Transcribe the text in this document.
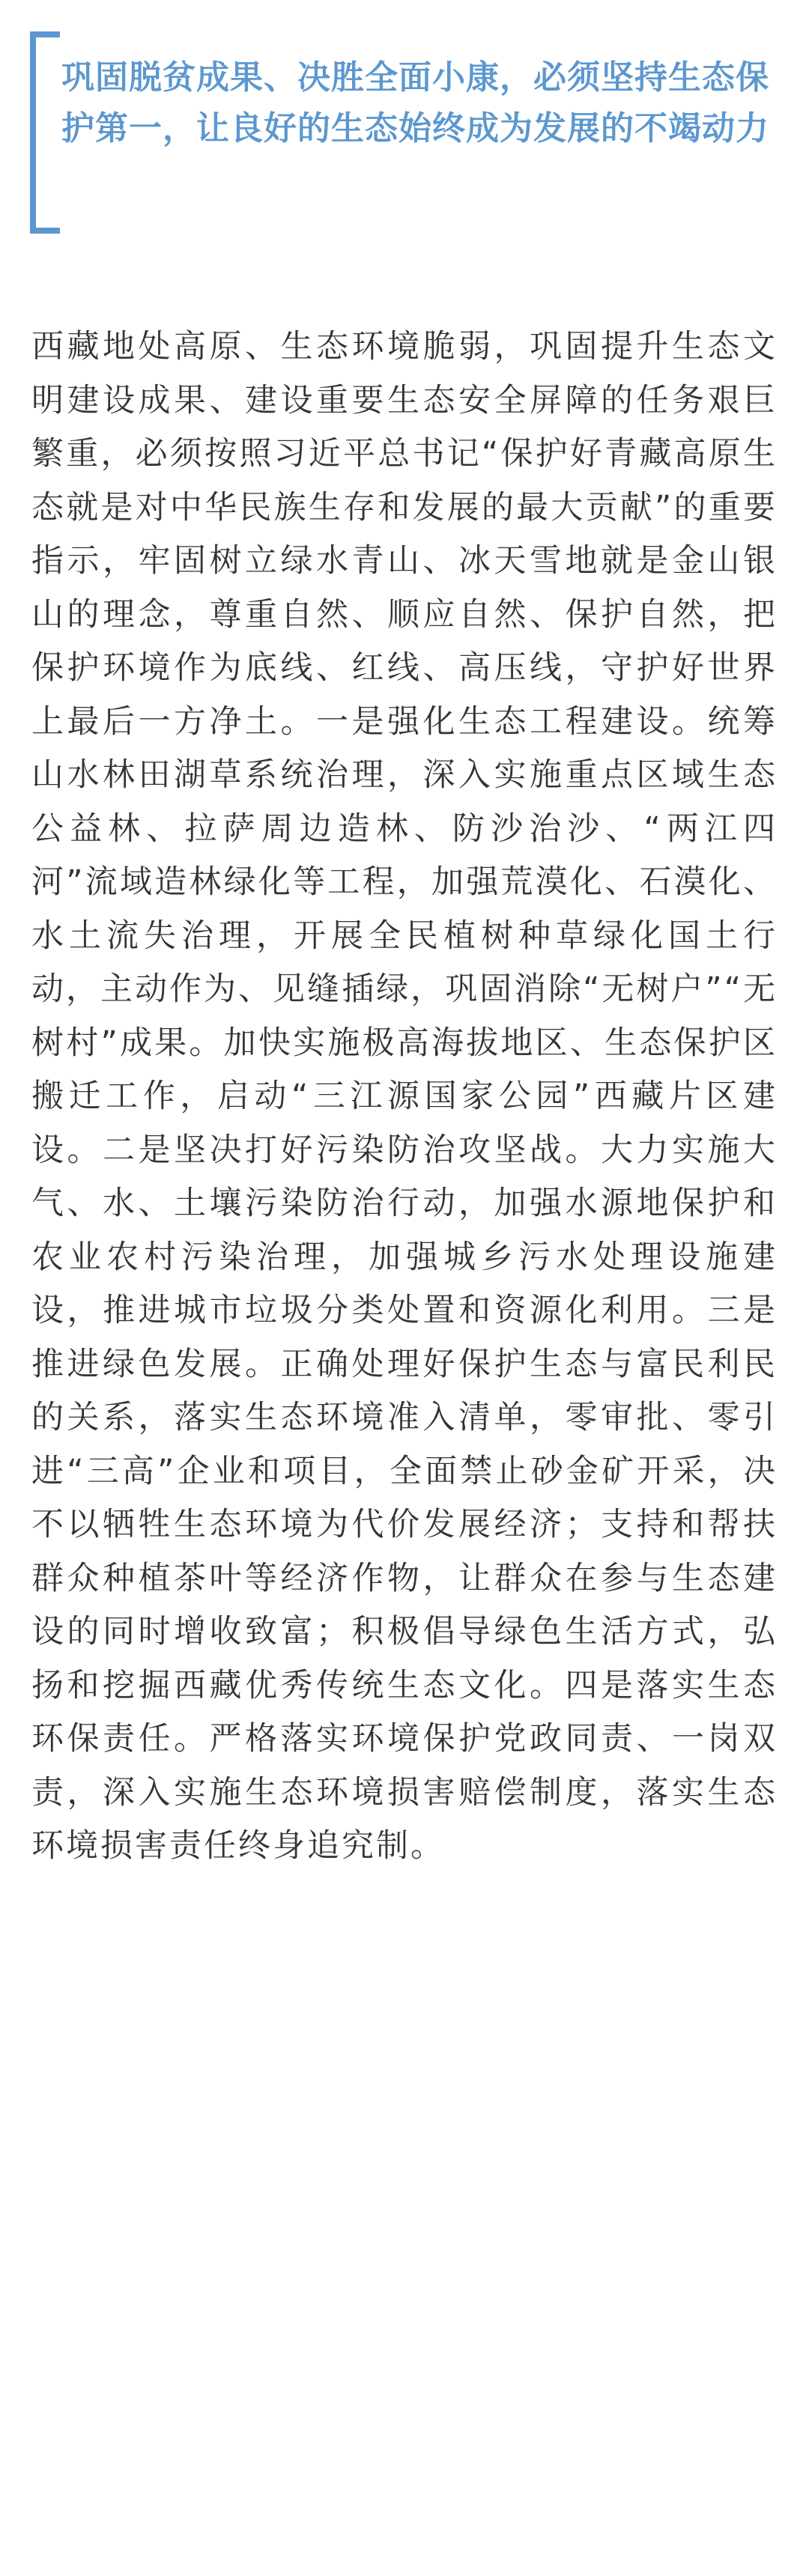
巩固脱贫成果、决胜全面小康，必须坚持生态保护第一，让良好的生态始终成为发展的不竭动力

西藏地处高原、生态环境脆弱，巩固提升生态文明建设成果、建设重要生态安全屏障的任务艰巨繁重，必须按照习近平总书记“保护好青藏高原生态就是对中华民族生存和发展的最大贡献”的重要指示，牢固树立绿水青山、冰天雪地就是金山银山的理念，尊重自然、顺应自然、保护自然，把保护环境作为底线、红线、高压线，守护好世界上最后一方净土。一是强化生态工程建设。统筹山水林田湖草系统治理，深入实施重点区域生态公益林、拉萨周边造林、防沙治沙、“两江四河”流域造林绿化等工程，加强荒漠化、石漠化、水土流失治理，开展全民植树种草绿化国土行动，主动作为、见缝插绿，巩固消除“无树户”“无树村”成果。加快实施极高海拔地区、生态保护区搬迁工作，启动“三江源国家公园”西藏片区建设。二是坚决打好污染防治攻坚战。大力实施大气、水、土壤污染防治行动，加强水源地保护和农业农村污染治理，加强城乡污水处理设施建设，推进城市垃圾分类处置和资源化利用。三是推进绿色发展。正确处理好保护生态与富民利民的关系，落实生态环境准入清单，零审批、零引进“三高”企业和项目，全面禁止砂金矿开采，决不以牺牲生态环境为代价发展经济；支持和帮扶群众种植茶叶等经济作物，让群众在参与生态建设的同时增收致富；积极倡导绿色生活方式，弘扬和挖掘西藏优秀传统生态文化。四是落实生态环保责任。严格落实环境保护党政同责、一岗双责，深入实施生态环境损害赔偿制度，落实生态环境损害责任终身追究制。
